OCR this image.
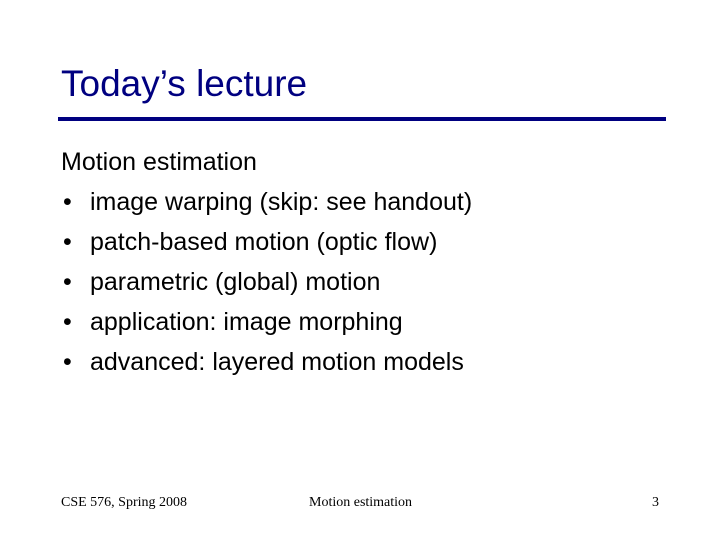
Today’s lecture
Motion estimation
• image warping (skip: see handout)
• patch-based motion (optic flow)
• parametric (global) motion
• application: image morphing
• advanced: layered motion models
CSE 576, Spring 2008	Motion estimation	3
